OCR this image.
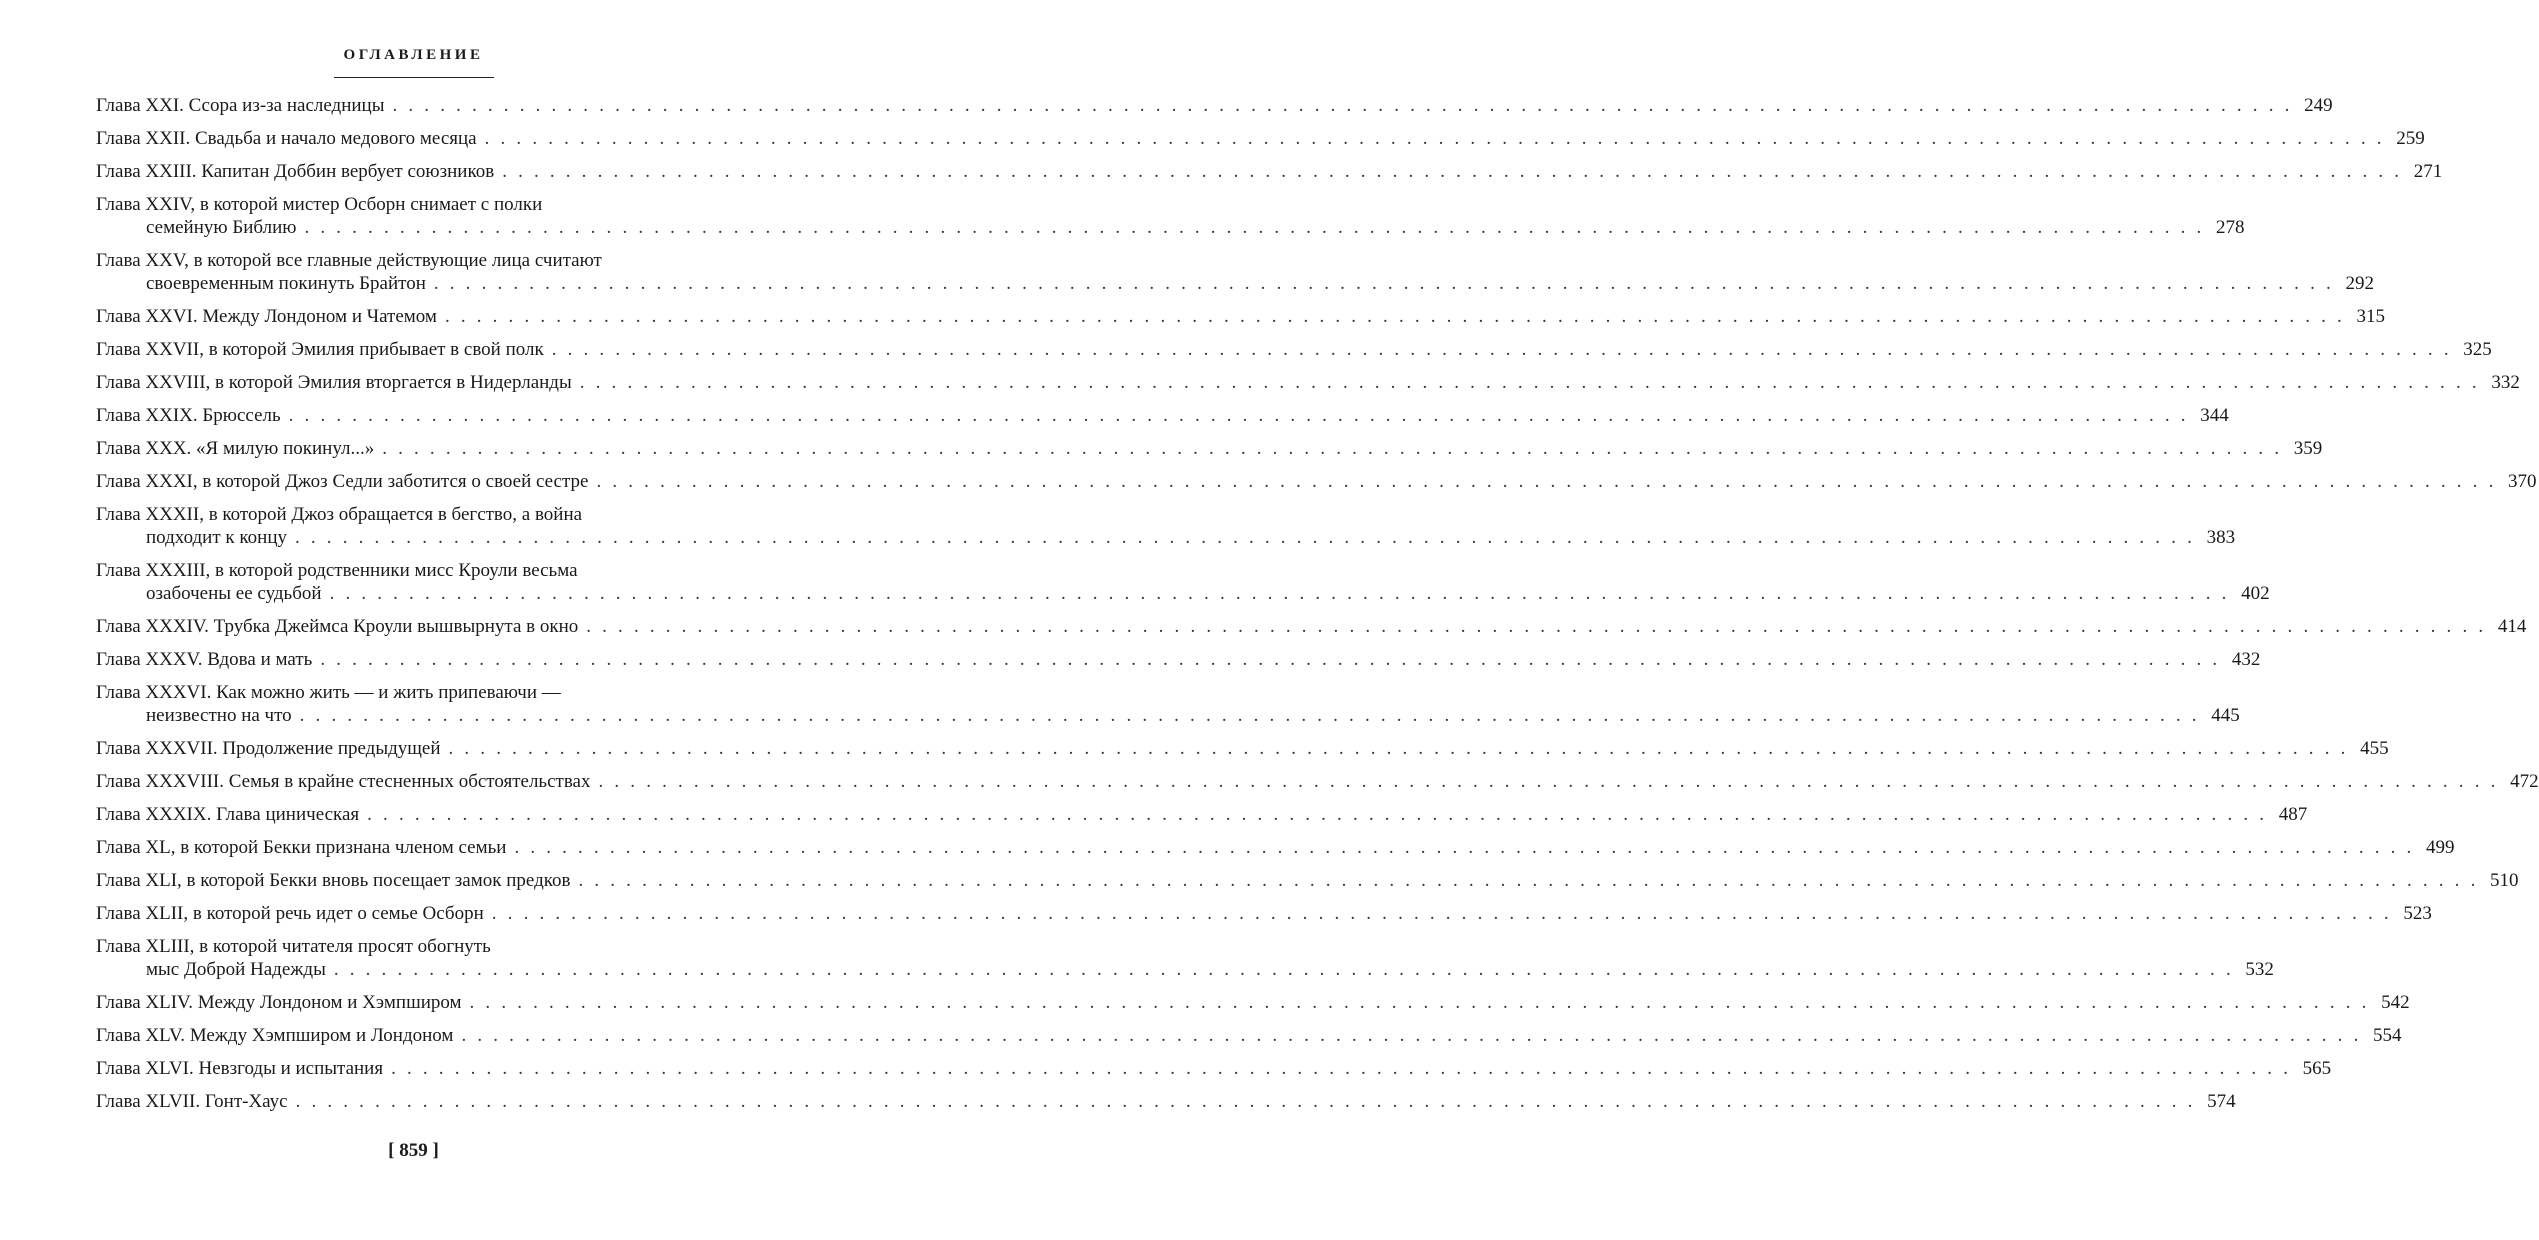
ОГЛАВЛЕНИЕ
Глава XXI. Ссора из-за наследницы . . . . . . . . . . . . . . . . . . . . . . . . . . . . . . . . . . . . . . . . . . . . . . . . . . . . . . . . . . . . . . . . . . . . . . . . . . . . . . . . . . . . . . . . . . . . . . . . . . . . . . . . . . . . . . . . . . . . . . . . 249
Глава XXII. Свадьба и начало медового месяца . . . . . . . . . . . . . . . . . . . . . . . . . . . . . . . . . . . . . . . . . . . . . . . . . . . . . . . . . . . . . . . . . . . . . . . . . . . . . . . . . . . . . . . . . . . . . . . . . . . . . . . . . . . . . . . . . . . . . . . . 259
Глава XXIII. Капитан Доббин вербует союзников . . . . . . . . . . . . . . . . . . . . . . . . . . . . . . . . . . . . . . . . . . . . . . . . . . . . . . . . . . . . . . . . . . . . . . . . . . . . . . . . . . . . . . . . . . . . . . . . . . . . . . . . . . . . . . . . . . . . . . . . 271
Глава XXIV, в которой мистер Осборн снимает с полки
семейную Библию . . . . . . . . . . . . . . . . . . . . . . . . . . . . . . . . . . . . . . . . . . . . . . . . . . . . . . . . . . . . . . . . . . . . . . . . . . . . . . . . . . . . . . . . . . . . . . . . . . . . . . . . . . . . . . . . . . . . . . . . 278
Глава XXV, в которой все главные действующие лица считают
своевременным покинуть Брайтон . . . . . . . . . . . . . . . . . . . . . . . . . . . . . . . . . . . . . . . . . . . . . . . . . . . . . . . . . . . . . . . . . . . . . . . . . . . . . . . . . . . . . . . . . . . . . . . . . . . . . . . . . . . . . . . . . . . . . . . . 292
Глава XXVI. Между Лондоном и Чатемом . . . . . . . . . . . . . . . . . . . . . . . . . . . . . . . . . . . . . . . . . . . . . . . . . . . . . . . . . . . . . . . . . . . . . . . . . . . . . . . . . . . . . . . . . . . . . . . . . . . . . . . . . . . . . . . . . . . . . . . . 315
Глава XXVII, в которой Эмилия прибывает в свой полк . . . . . . . . . . . . . . . . . . . . . . . . . . . . . . . . . . . . . . . . . . . . . . . . . . . . . . . . . . . . . . . . . . . . . . . . . . . . . . . . . . . . . . . . . . . . . . . . . . . . . . . . . . . . . . . . . . . . . . . . 325
Глава XXVIII, в которой Эмилия вторгается в Нидерланды . . . . . . . . . . . . . . . . . . . . . . . . . . . . . . . . . . . . . . . . . . . . . . . . . . . . . . . . . . . . . . . . . . . . . . . . . . . . . . . . . . . . . . . . . . . . . . . . . . . . . . . . . . . . . . . . . . . . . . . . 332
Глава XXIX. Брюссель . . . . . . . . . . . . . . . . . . . . . . . . . . . . . . . . . . . . . . . . . . . . . . . . . . . . . . . . . . . . . . . . . . . . . . . . . . . . . . . . . . . . . . . . . . . . . . . . . . . . . . . . . . . . . . . . . . . . . . . . 344
Глава XXX. «Я милую покинул...» . . . . . . . . . . . . . . . . . . . . . . . . . . . . . . . . . . . . . . . . . . . . . . . . . . . . . . . . . . . . . . . . . . . . . . . . . . . . . . . . . . . . . . . . . . . . . . . . . . . . . . . . . . . . . . . . . . . . . . . . 359
Глава XXXI, в которой Джоз Седли заботится о своей сестре . . . . . . . . . . . . . . . . . . . . . . . . . . . . . . . . . . . . . . . . . . . . . . . . . . . . . . . . . . . . . . . . . . . . . . . . . . . . . . . . . . . . . . . . . . . . . . . . . . . . . . . . . . . . . . . . . . . . . . . . 370
Глава XXXII, в которой Джоз обращается в бегство, а война
подходит к концу . . . . . . . . . . . . . . . . . . . . . . . . . . . . . . . . . . . . . . . . . . . . . . . . . . . . . . . . . . . . . . . . . . . . . . . . . . . . . . . . . . . . . . . . . . . . . . . . . . . . . . . . . . . . . . . . . . . . . . . . 383
Глава XXXIII, в которой родственники мисс Кроули весьма
озабочены ее судьбой . . . . . . . . . . . . . . . . . . . . . . . . . . . . . . . . . . . . . . . . . . . . . . . . . . . . . . . . . . . . . . . . . . . . . . . . . . . . . . . . . . . . . . . . . . . . . . . . . . . . . . . . . . . . . . . . . . . . . . . . 402
Глава XXXIV. Трубка Джеймса Кроули вышвырнута в окно . . . . . . . . . . . . . . . . . . . . . . . . . . . . . . . . . . . . . . . . . . . . . . . . . . . . . . . . . . . . . . . . . . . . . . . . . . . . . . . . . . . . . . . . . . . . . . . . . . . . . . . . . . . . . . . . . . . . . . . . 414
Глава XXXV. Вдова и мать . . . . . . . . . . . . . . . . . . . . . . . . . . . . . . . . . . . . . . . . . . . . . . . . . . . . . . . . . . . . . . . . . . . . . . . . . . . . . . . . . . . . . . . . . . . . . . . . . . . . . . . . . . . . . . . . . . . . . . . . 432
Глава XXXVI. Как можно жить — и жить припеваючи —
неизвестно на что . . . . . . . . . . . . . . . . . . . . . . . . . . . . . . . . . . . . . . . . . . . . . . . . . . . . . . . . . . . . . . . . . . . . . . . . . . . . . . . . . . . . . . . . . . . . . . . . . . . . . . . . . . . . . . . . . . . . . . . . 445
Глава XXXVII. Продолжение предыдущей . . . . . . . . . . . . . . . . . . . . . . . . . . . . . . . . . . . . . . . . . . . . . . . . . . . . . . . . . . . . . . . . . . . . . . . . . . . . . . . . . . . . . . . . . . . . . . . . . . . . . . . . . . . . . . . . . . . . . . . . 455
Глава XXXVIII. Семья в крайне стесненных обстоятельствах . . . . . . . . . . . . . . . . . . . . . . . . . . . . . . . . . . . . . . . . . . . . . . . . . . . . . . . . . . . . . . . . . . . . . . . . . . . . . . . . . . . . . . . . . . . . . . . . . . . . . . . . . . . . . . . . . . . . . . . . 472
Глава XXXIX. Глава циническая . . . . . . . . . . . . . . . . . . . . . . . . . . . . . . . . . . . . . . . . . . . . . . . . . . . . . . . . . . . . . . . . . . . . . . . . . . . . . . . . . . . . . . . . . . . . . . . . . . . . . . . . . . . . . . . . . . . . . . . . 487
Глава XL, в которой Бекки признана членом семьи . . . . . . . . . . . . . . . . . . . . . . . . . . . . . . . . . . . . . . . . . . . . . . . . . . . . . . . . . . . . . . . . . . . . . . . . . . . . . . . . . . . . . . . . . . . . . . . . . . . . . . . . . . . . . . . . . . . . . . . . 499
Глава XLI, в которой Бекки вновь посещает замок предков . . . . . . . . . . . . . . . . . . . . . . . . . . . . . . . . . . . . . . . . . . . . . . . . . . . . . . . . . . . . . . . . . . . . . . . . . . . . . . . . . . . . . . . . . . . . . . . . . . . . . . . . . . . . . . . . . . . . . . . . 510
Глава XLII, в которой речь идет о семье Осборн . . . . . . . . . . . . . . . . . . . . . . . . . . . . . . . . . . . . . . . . . . . . . . . . . . . . . . . . . . . . . . . . . . . . . . . . . . . . . . . . . . . . . . . . . . . . . . . . . . . . . . . . . . . . . . . . . . . . . . . . 523
Глава XLIII, в которой читателя просят обогнуть
мыс Доброй Надежды . . . . . . . . . . . . . . . . . . . . . . . . . . . . . . . . . . . . . . . . . . . . . . . . . . . . . . . . . . . . . . . . . . . . . . . . . . . . . . . . . . . . . . . . . . . . . . . . . . . . . . . . . . . . . . . . . . . . . . . . 532
Глава XLIV. Между Лондоном и Хэмпширом . . . . . . . . . . . . . . . . . . . . . . . . . . . . . . . . . . . . . . . . . . . . . . . . . . . . . . . . . . . . . . . . . . . . . . . . . . . . . . . . . . . . . . . . . . . . . . . . . . . . . . . . . . . . . . . . . . . . . . . . 542
Глава XLV. Между Хэмпширом и Лондоном . . . . . . . . . . . . . . . . . . . . . . . . . . . . . . . . . . . . . . . . . . . . . . . . . . . . . . . . . . . . . . . . . . . . . . . . . . . . . . . . . . . . . . . . . . . . . . . . . . . . . . . . . . . . . . . . . . . . . . . . 554
Глава XLVI. Невзгоды и испытания . . . . . . . . . . . . . . . . . . . . . . . . . . . . . . . . . . . . . . . . . . . . . . . . . . . . . . . . . . . . . . . . . . . . . . . . . . . . . . . . . . . . . . . . . . . . . . . . . . . . . . . . . . . . . . . . . . . . . . . . 565
Глава XLVII. Гонт-Хаус . . . . . . . . . . . . . . . . . . . . . . . . . . . . . . . . . . . . . . . . . . . . . . . . . . . . . . . . . . . . . . . . . . . . . . . . . . . . . . . . . . . . . . . . . . . . . . . . . . . . . . . . . . . . . . . . . . . . . . . . 574
[ 859 ]
